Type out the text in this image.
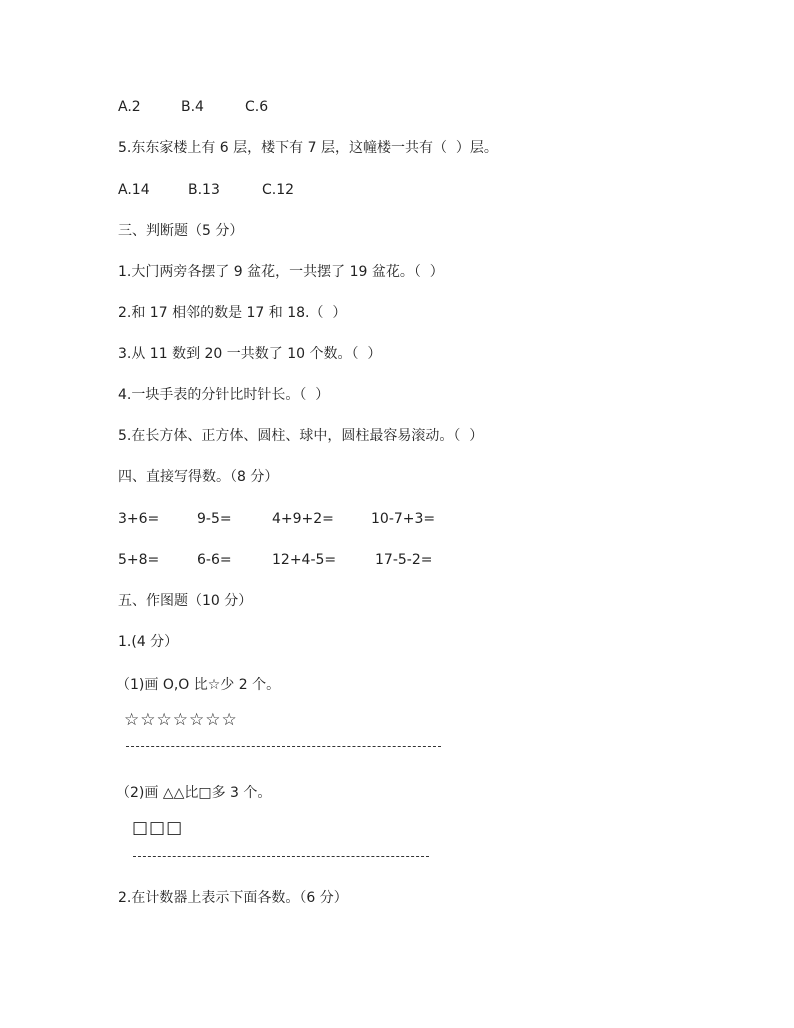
A.2	B.4	C.6
5.东东家楼上有 6 层，楼下有 7 层，这幢楼一共有（  ）层。
A.14	B.13	C.12
三、判断题（5 分）
1.大门两旁各摆了 9 盆花，一共摆了 19 盆花。（  ）
2.和 17 相邻的数是 17 和 18.（  ）
3.从 11 数到 20 一共数了 10 个数。（  ）
4.一块手表的分针比时针长。（  ）
5.在长方体、正方体、圆柱、球中，圆柱最容易滚动。（  ）
四、直接写得数。（8 分）
3+6=	9-5=	4+9+2=	10-7+3=
5+8=	6-6=	12+4-5=	17-5-2=
五、作图题（10 分）
1.(4 分）
（1)画 O,O 比☆少 2 个。
☆☆☆☆☆☆☆
（2)画 △△比□多 3 个。
□□□
2.在计数器上表示下面各数。（6 分）
